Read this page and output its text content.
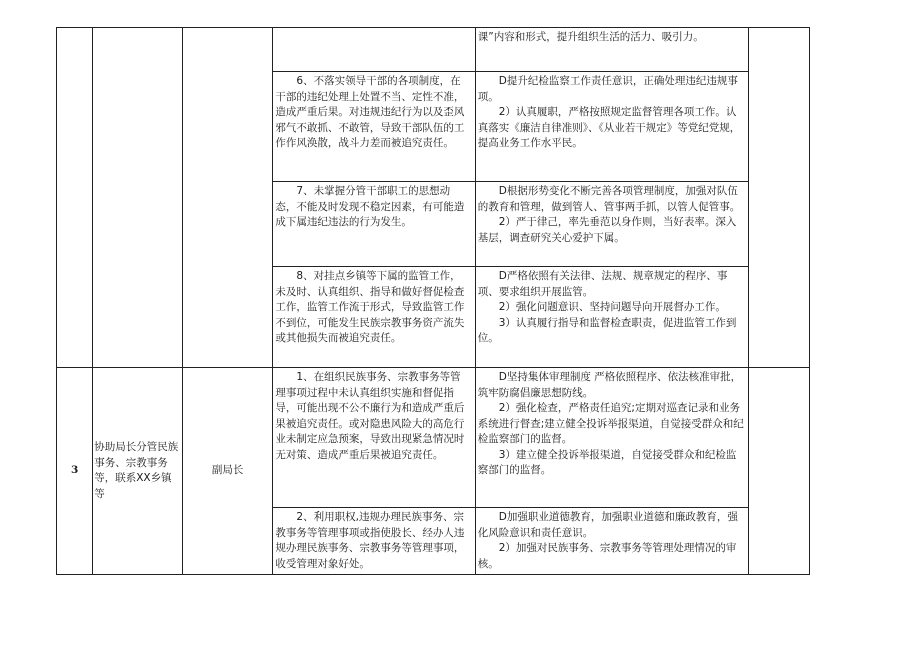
				课”内容和形式，提升组织生活的活力、吸引力。	

			6、不落实领导干部的各项制度，在干部的违纪处理上处置不当、定性不准，造成严重后果。对违规违纪行为以及歪风邪气不敢抓、不敢管，导致干部队伍的工作作风涣散，战斗力差而被追究责任。	D提升纪检监察工作责任意识，正确处理违纪违规事项。

2）认真履职，严格按照规定监督管理各项工作。认真落实《廉洁自律准则》、《从业若干规定》等党纪党规，提高业务工作水平民。	

			7、未掌握分管干部职工的思想动态，不能及时发现不稳定因素，有可能造成下属违纪违法的行为发生。	D根据形势变化不断完善各项管理制度，加强对队伍的教育和管理，做到管人、管事两手抓，以管人促管事。

2）严于律己，率先垂范以身作则，当好表率。深入基层，调查研究关心爱护下属。	

			8、对挂点乡镇等下属的监管工作，未及时、认真组织、指导和做好督促检查工作，监管工作流于形式，导致监管工作不到位，可能发生民族宗教事务资产流失或其他损失而被追究责任。	D严格依照有关法律、法规、规章规定的程序、事项、要求组织开展监管。

2）强化问题意识、坚持问题导向开展督办工作。

3）认真履行指导和监督检查职责，促进监管工作到位。	

3	协助局长分管民族事务、宗教事务等，联系XX乡镇等	副局长	1、在组织民族事务、宗教事务等管理事项过程中未认真组织实施和督促指导，可能出现不公不廉行为和造成严重后果被追究责任。或对隐患风险大的高危行业未制定应急预案，导致出现紧急情况时无对策、造成严重后果被追究责任。	D坚持集体审理制度 严格依照程序、依法核准审批，筑牢防腐倡廉思想防线。

2）强化检查，严格责任追究;定期对巡查记录和业务系统进行督查;建立健全投诉举报渠道，自觉接受群众和纪检监察部门的监督。

3）建立健全投诉举报渠道，自觉接受群众和纪检监察部门的监督。	

			2、利用职权,违规办理民族事务、宗教事务等管理事项或指使股长、经办人违规办理民族事务、宗教事务等管理事项，收受管理对象好处。	D加强职业道德教育，加强职业道德和廉政教育，强化风险意识和责任意识。

2）加强对民族事务、宗教事务等管理处理情况的审核。	
